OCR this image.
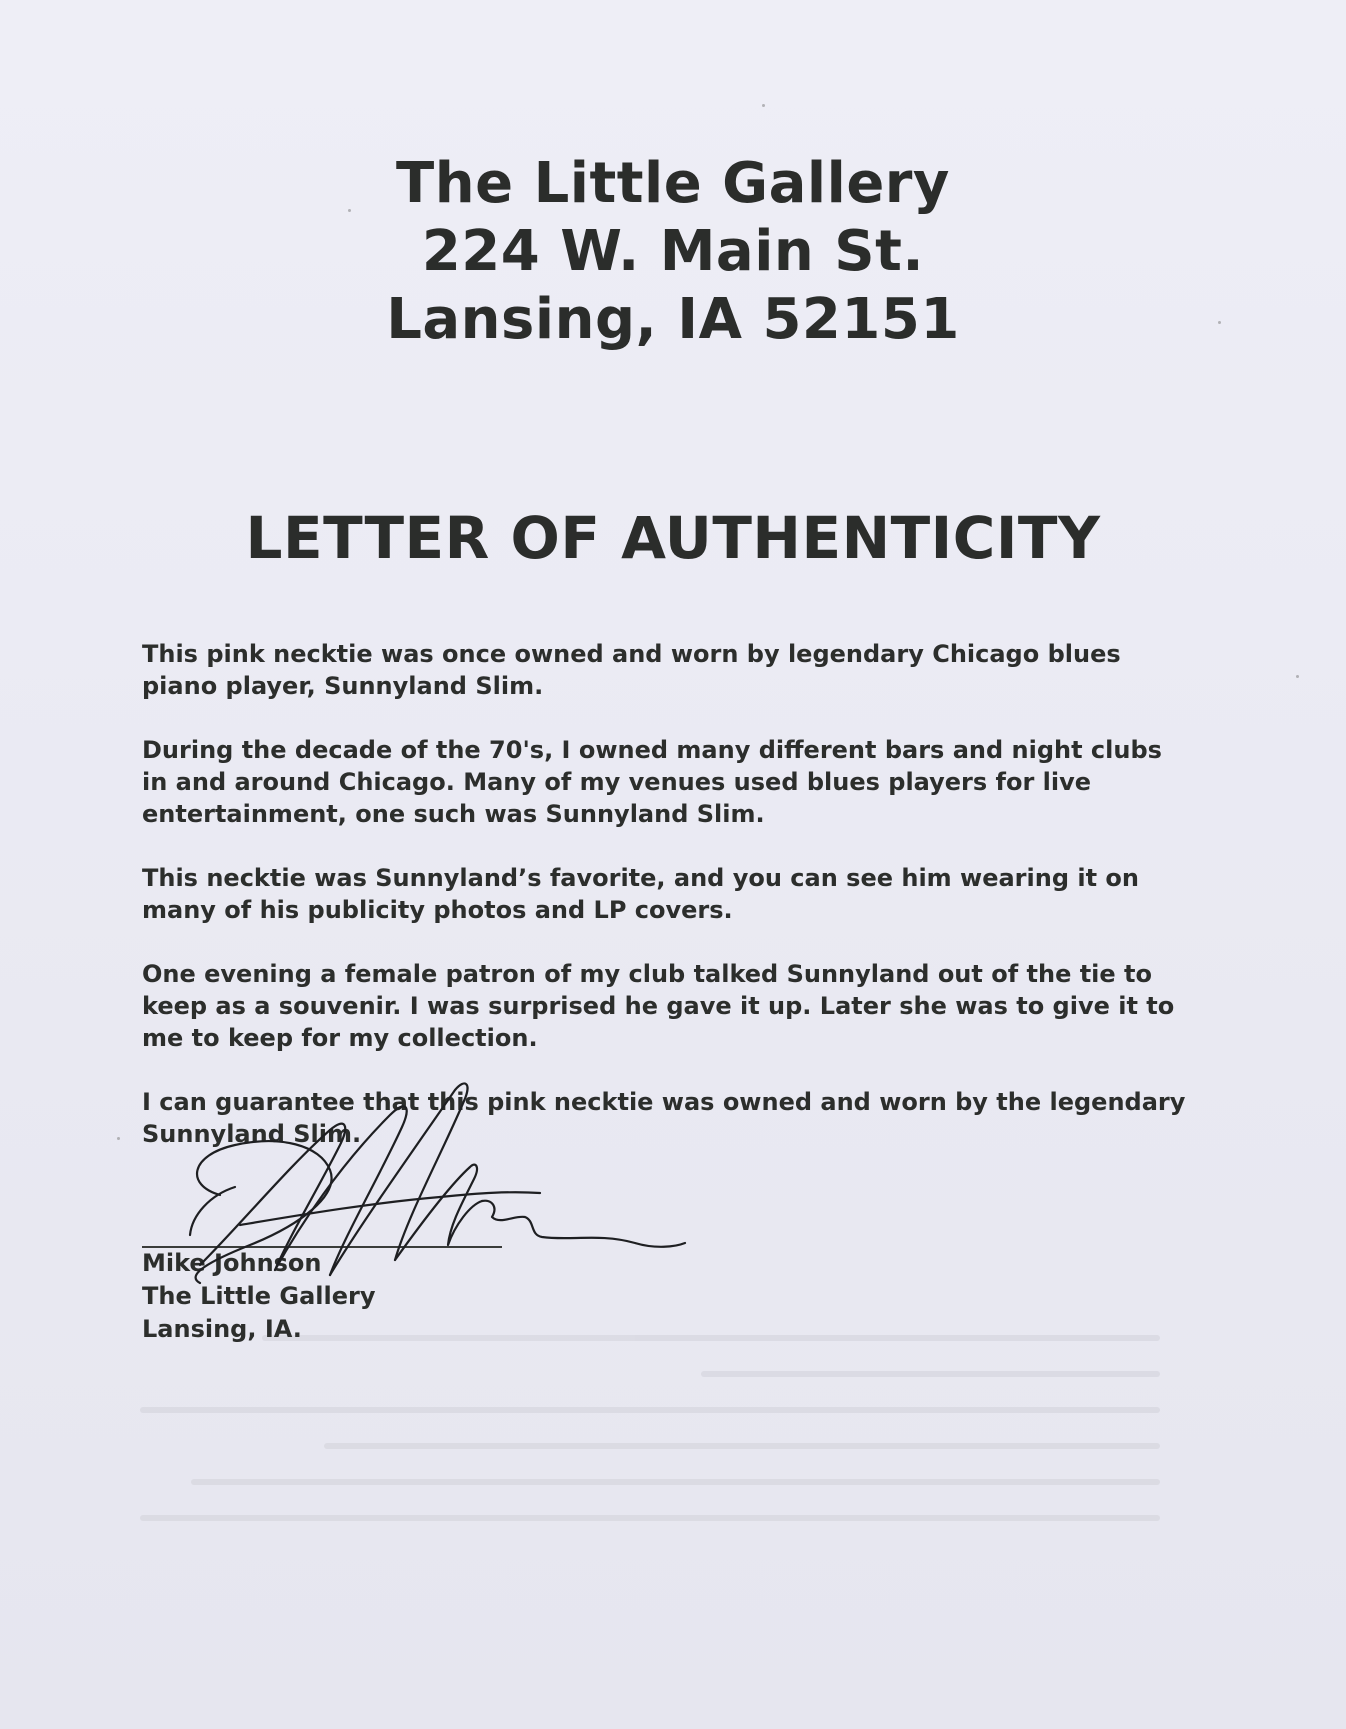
The Little Gallery
224 W. Main St.
Lansing, IA 52151
LETTER OF AUTHENTICITY

This pink necktie was once owned and worn by legendary Chicago blues piano player, Sunnyland Slim.

During the decade of the 70's, I owned many different bars and night clubs in and around Chicago. Many of my venues used blues players for live entertainment, one such was Sunnyland Slim.

This necktie was Sunnyland’s favorite, and you can see him wearing it on many of his publicity photos and LP covers.

One evening a female patron of my club talked Sunnyland out of the tie to keep as a souvenir. I was surprised he gave it up. Later she was to give it to me to keep for my collection.

I can guarantee that this pink necktie was owned and worn by the legendary Sunnyland Slim.

Mike Johnson
The Little Gallery
Lansing, IA.
